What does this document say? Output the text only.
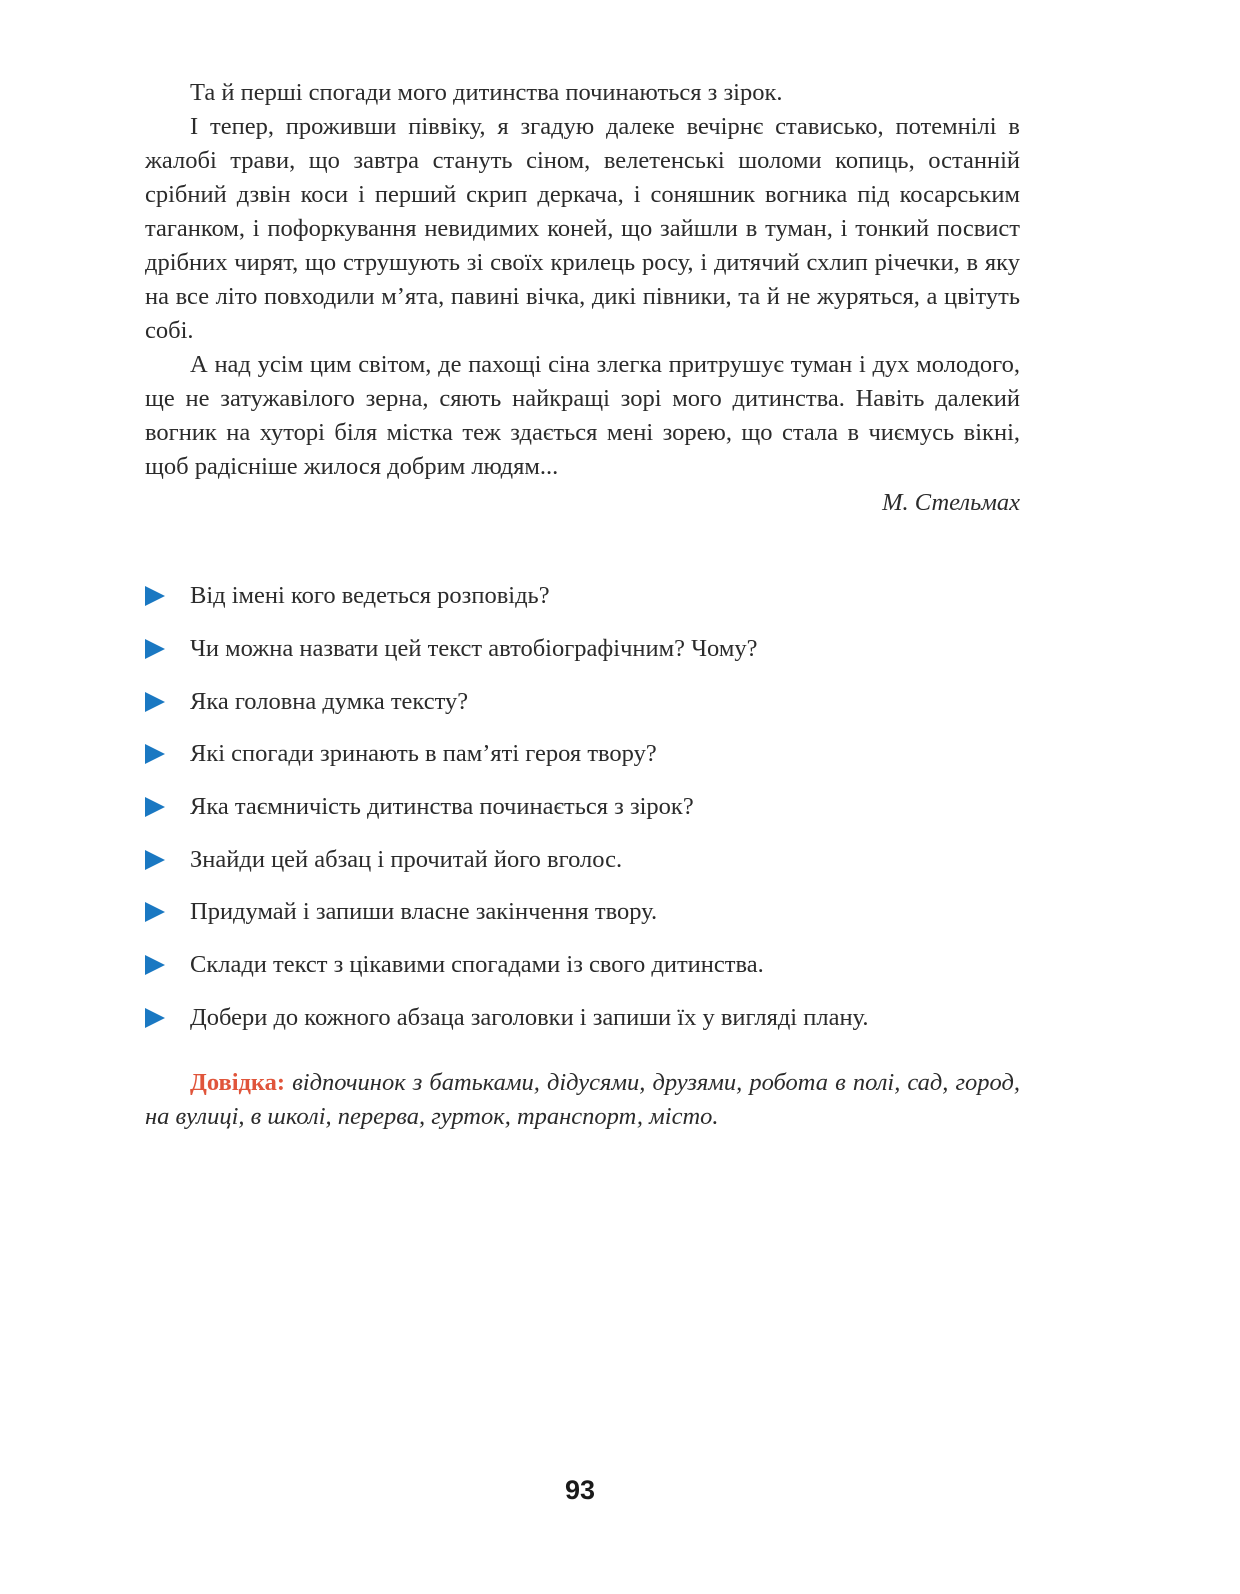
Та й перші спогади мого дитинства починаються з зірок.

І тепер, проживши піввіку, я згадую далеке вечірнє стависько, потемнілі в жалобі трави, що завтра стануть сіном, велетенські шоломи копиць, останній срібний дзвін коси і перший скрип деркача, і соняшник вогника під косарським таганком, і пофоркування невидимих коней, що зайшли в туман, і тонкий посвист дрібних чирят, що струшують зі своїх крилець росу, і дитячий схлип річечки, в яку на все літо повходили м’ята, павині вічка, дикі півники, та й не журяться, а цвітуть собі.

А над усім цим світом, де пахощі сіна злегка притрушує туман і дух молодого, ще не затужавілого зерна, сяють найкращі зорі мого дитинства. Навіть далекий вогник на хуторі біля містка теж здається мені зорею, що стала в чиємусь вікні, щоб радісніше жилося добрим людям...

М. Стельмах
Від імені кого ведеться розповідь?
Чи можна назвати цей текст автобіографічним? Чому?
Яка головна думка тексту?
Які спогади зринають в пам’яті героя твору?
Яка таємничість дитинства починається з зірок?
Знайди цей абзац і прочитай його вголос.
Придумай і запиши власне закінчення твору.
Склади текст з цікавими спогадами із свого дитинства.
Добери до кожного абзаца заголовки і запиши їх у вигляді плану.

Довідка: відпочинок з батьками, дідусями, друзями, робота в полі, сад, город, на вулиці, в школі, перерва, гурток, транспорт, місто.

93
